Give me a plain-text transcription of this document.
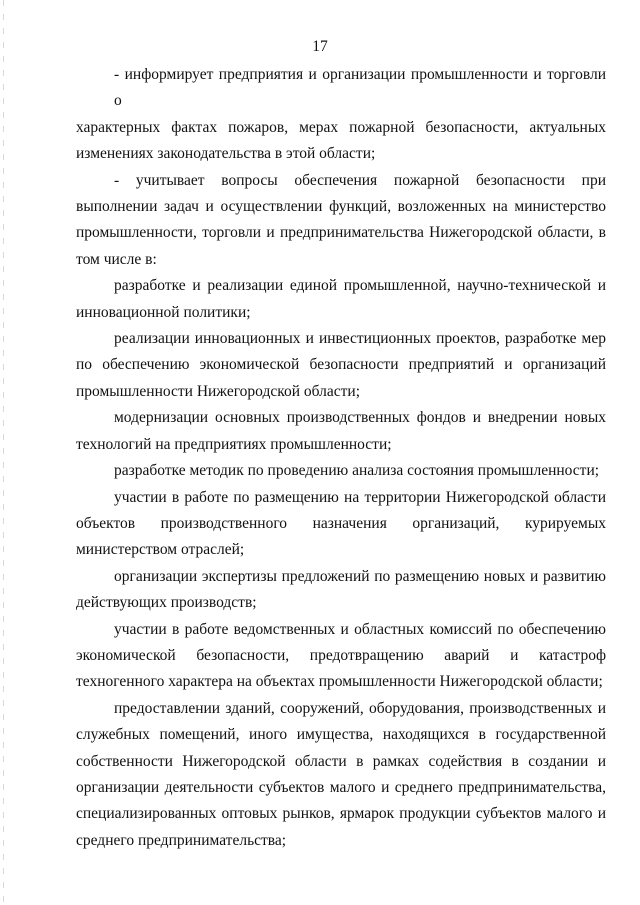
17
- информирует предприятия и организации промышленности и торговли о
характерных фактах пожаров, мерах пожарной безопасности, актуальных
изменениях законодательства в этой области;
- учитывает вопросы обеспечения пожарной безопасности при
выполнении задач и осуществлении функций, возложенных на министерство
промышленности, торговли и предпринимательства Нижегородской области, в
том числе в:
разработке и реализации единой промышленной, научно-технической и
инновационной политики;
реализации инновационных и инвестиционных проектов, разработке мер
по обеспечению экономической безопасности предприятий и организаций
промышленности Нижегородской области;
модернизации основных производственных фондов и внедрении новых
технологий на предприятиях промышленности;
разработке методик по проведению анализа состояния промышленности;
участии в работе по размещению на территории Нижегородской области
объектов производственного назначения организаций, курируемых
министерством отраслей;
организации экспертизы предложений по размещению новых и развитию
действующих производств;
участии в работе ведомственных и областных комиссий по обеспечению
экономической безопасности, предотвращению аварий и катастроф
техногенного характера на объектах промышленности Нижегородской области;
предоставлении зданий, сооружений, оборудования, производственных и
служебных помещений, иного имущества, находящихся в государственной
собственности Нижегородской области в рамках содействия в создании и
организации деятельности субъектов малого и среднего предпринимательства,
специализированных оптовых рынков, ярмарок продукции субъектов малого и
среднего предпринимательства;
